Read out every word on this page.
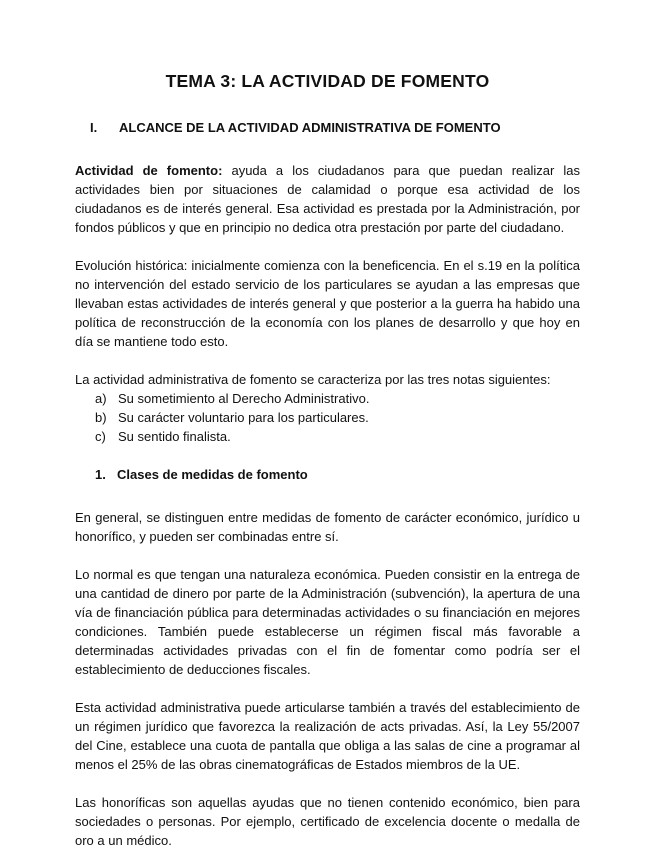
TEMA 3: LA ACTIVIDAD DE FOMENTO
I.	ALCANCE DE LA ACTIVIDAD ADMINISTRATIVA DE FOMENTO

Actividad de fomento: ayuda a los ciudadanos para que puedan realizar las actividades bien por situaciones de calamidad o porque esa actividad de los ciudadanos es de interés general. Esa actividad es prestada por la Administración, por fondos públicos y que en principio no dedica otra prestación por parte del ciudadano.

Evolución histórica: inicialmente comienza con la beneficencia. En el s.19 en la política no intervención del estado servicio de los particulares se ayudan a las empresas que llevaban estas actividades de interés general y que posterior a la guerra ha habido una política de reconstrucción de la economía con los planes de desarrollo y que hoy en día se mantiene todo esto.

La actividad administrativa de fomento se caracteriza por las tres notas siguientes:

a) Su sometimiento al Derecho Administrativo.
b) Su carácter voluntario para los particulares.
c) Su sentido finalista.
1. Clases de medidas de fomento

En general, se distinguen entre medidas de fomento de carácter económico, jurídico u honorífico, y pueden ser combinadas entre sí.

Lo normal es que tengan una naturaleza económica. Pueden consistir en la entrega de una cantidad de dinero por parte de la Administración (subvención), la apertura de una vía de financiación pública para determinadas actividades o su financiación en mejores condiciones. También puede establecerse un régimen fiscal más favorable a determinadas actividades privadas con el fin de fomentar como podría ser el establecimiento de deducciones fiscales.

Esta actividad administrativa puede articularse también a través del establecimiento de un régimen jurídico que favorezca la realización de acts privadas. Así, la Ley 55/2007 del Cine, establece una cuota de pantalla que obliga a las salas de cine a programar al menos el 25% de las obras cinematográficas de Estados miembros de la UE.

Las honoríficas son aquellas ayudas que no tienen contenido económico, bien para sociedades o personas. Por ejemplo, certificado de excelencia docente o medalla de oro a un médico.
